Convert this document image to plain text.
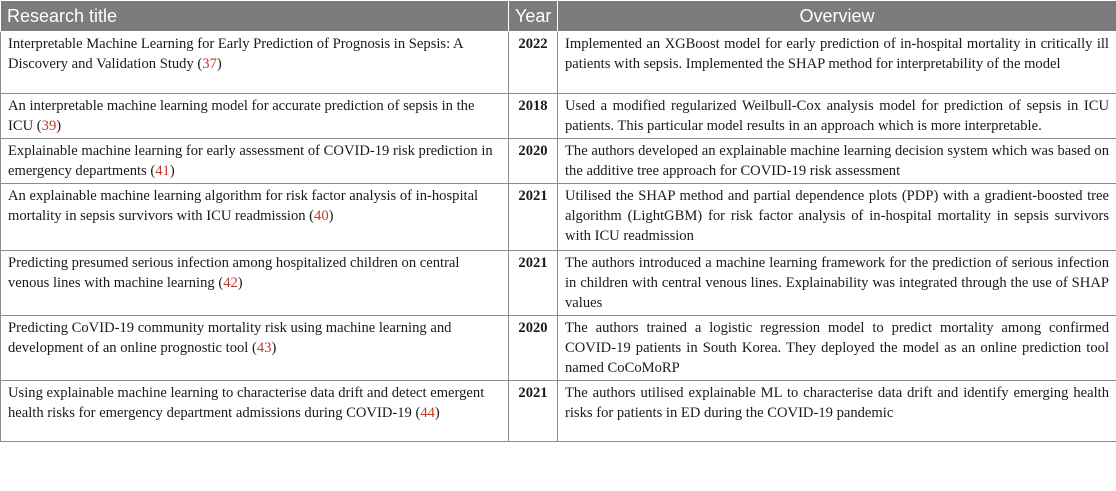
Research title	Year	Overview
Interpretable Machine Learning for Early Prediction of Prognosis in Sepsis: A Discovery and Validation Study (37)	2022	Implemented an XGBoost model for early prediction of in-hospital mortality in critically ill patients with sepsis. Implemented the SHAP method for interpretability of the model
An interpretable machine learning model for accurate prediction of sepsis in the ICU (39)	2018	Used a modified regularized Weilbull-Cox analysis model for prediction of sepsis in ICU patients. This particular model results in an approach which is more interpretable.
Explainable machine learning for early assessment of COVID-19 risk prediction in emergency departments (41)	2020	The authors developed an explainable machine learning decision system which was based on the additive tree approach for COVID-19 risk assessment
An explainable machine learning algorithm for risk factor analysis of in-hospital mortality in sepsis survivors with ICU readmission (40)	2021	Utilised the SHAP method and partial dependence plots (PDP) with a gradient-boosted tree algorithm (LightGBM) for risk factor analysis of in-hospital mortality in sepsis survivors with ICU readmission
Predicting presumed serious infection among hospitalized children on central venous lines with machine learning (42)	2021	The authors introduced a machine learning framework for the prediction of serious infection in children with central venous lines. Explainability was integrated through the use of SHAP values
Predicting CoVID-19 community mortality risk using machine learning and development of an online prognostic tool (43)	2020	The authors trained a logistic regression model to predict mortality among confirmed COVID-19 patients in South Korea. They deployed the model as an online prediction tool named CoCoMoRP
Using explainable machine learning to characterise data drift and detect emergent health risks for emergency department admissions during COVID-19 (44)	2021	The authors utilised explainable ML to characterise data drift and identify emerging health risks for patients in ED during the COVID-19 pandemic
